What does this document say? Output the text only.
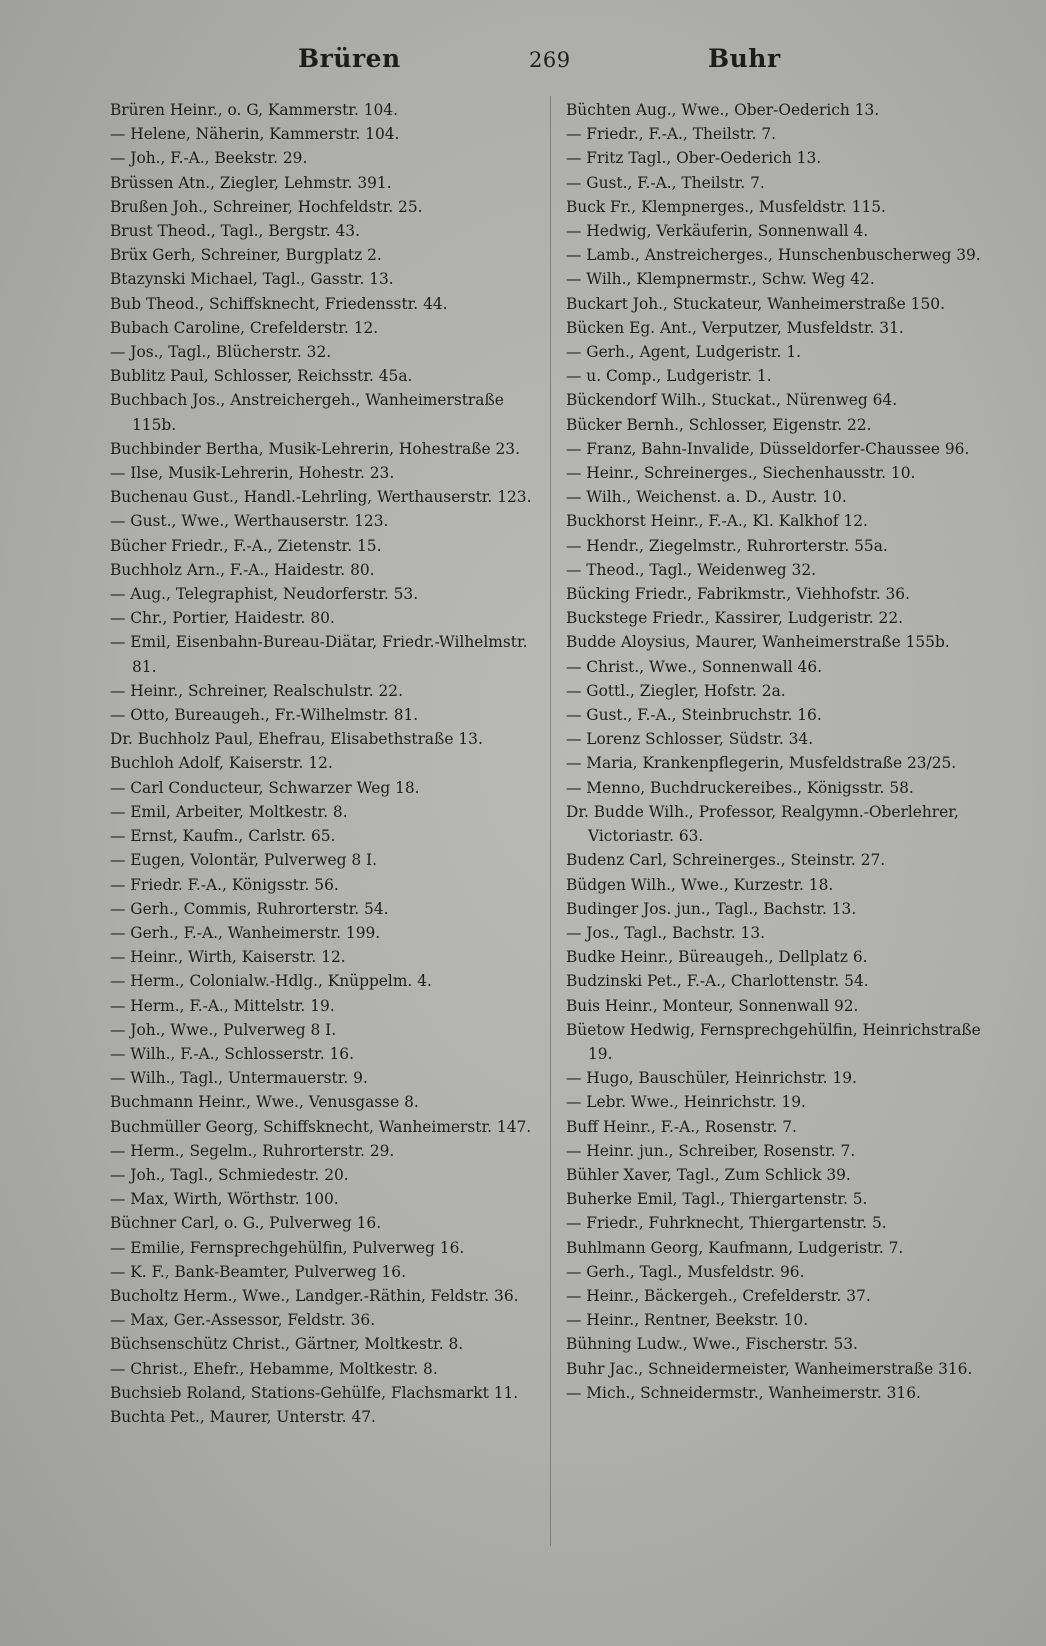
Brüren	269	Buhr
Brüren Heinr., o. G, Kammerstr. 104.
— Helene, Näherin, Kammerstr. 104.
— Joh., F.-A., Beekstr. 29.
Brüssen Atn., Ziegler, Lehmstr. 391.
Brußen Joh., Schreiner, Hochfeldstr. 25.
Brust Theod., Tagl., Bergstr. 43.
Brüx Gerh, Schreiner, Burgplatz 2.
Btazynski Michael, Tagl., Gasstr. 13.
Bub Theod., Schiffsknecht, Friedensstr. 44.
Bubach Caroline, Crefelderstr. 12.
— Jos., Tagl., Blücherstr. 32.
Bublitz Paul, Schlosser, Reichsstr. 45a.
Buchbach Jos., Anstreichergeh., Wanheimerstraße 115b.
Buchbinder Bertha, Musik-Lehrerin, Hohestraße 23.
— Ilse, Musik-Lehrerin, Hohestr. 23.
Buchenau Gust., Handl.-Lehrling, Werthauserstr. 123.
— Gust., Wwe., Werthauserstr. 123.
Bücher Friedr., F.-A., Zietenstr. 15.
Buchholz Arn., F.-A., Haidestr. 80.
— Aug., Telegraphist, Neudorferstr. 53.
— Chr., Portier, Haidestr. 80.
— Emil, Eisenbahn-Bureau-Diätar, Friedr.-Wilhelmstr. 81.
— Heinr., Schreiner, Realschulstr. 22.
— Otto, Bureaugeh., Fr.-Wilhelmstr. 81.
Dr. Buchholz Paul, Ehefrau, Elisabethstraße 13.
Buchloh Adolf, Kaiserstr. 12.
— Carl Conducteur, Schwarzer Weg 18.
— Emil, Arbeiter, Moltkestr. 8.
— Ernst, Kaufm., Carlstr. 65.
— Eugen, Volontär, Pulverweg 8 I.
— Friedr. F.-A., Königsstr. 56.
— Gerh., Commis, Ruhrorterstr. 54.
— Gerh., F.-A., Wanheimerstr. 199.
— Heinr., Wirth, Kaiserstr. 12.
— Herm., Colonialw.-Hdlg., Knüppelm. 4.
— Herm., F.-A., Mittelstr. 19.
— Joh., Wwe., Pulverweg 8 I.
— Wilh., F.-A., Schlosserstr. 16.
— Wilh., Tagl., Untermauerstr. 9.
Buchmann Heinr., Wwe., Venusgasse 8.
Buchmüller Georg, Schiffsknecht, Wanheimerstr. 147.
— Herm., Segelm., Ruhrorterstr. 29.
— Joh., Tagl., Schmiedestr. 20.
— Max, Wirth, Wörthstr. 100.
Büchner Carl, o. G., Pulverweg 16.
— Emilie, Fernsprechgehülfin, Pulverweg 16.
— K. F., Bank-Beamter, Pulverweg 16.
Bucholtz Herm., Wwe., Landger.-Räthin, Feldstr. 36.
— Max, Ger.-Assessor, Feldstr. 36.
Büchsenschütz Christ., Gärtner, Moltkestr. 8.
— Christ., Ehefr., Hebamme, Moltkestr. 8.
Buchsieb Roland, Stations-Gehülfe, Flachsmarkt 11.
Buchta Pet., Maurer, Unterstr. 47.
Büchten Aug., Wwe., Ober-Oederich 13.
— Friedr., F.-A., Theilstr. 7.
— Fritz Tagl., Ober-Oederich 13.
— Gust., F.-A., Theilstr. 7.
Buck Fr., Klempnerges., Musfeldstr. 115.
— Hedwig, Verkäuferin, Sonnenwall 4.
— Lamb., Anstreicherges., Hunschenbuscherweg 39.
— Wilh., Klempnermstr., Schw. Weg 42.
Buckart Joh., Stuckateur, Wanheimerstraße 150.
Bücken Eg. Ant., Verputzer, Musfeldstr. 31.
— Gerh., Agent, Ludgeristr. 1.
— u. Comp., Ludgeristr. 1.
Bückendorf Wilh., Stuckat., Nürenweg 64.
Bücker Bernh., Schlosser, Eigenstr. 22.
— Franz, Bahn-Invalide, Düsseldorfer-Chaussee 96.
— Heinr., Schreinerges., Siechenhausstr. 10.
— Wilh., Weichenst. a. D., Austr. 10.
Buckhorst Heinr., F.-A., Kl. Kalkhof 12.
— Hendr., Ziegelmstr., Ruhrorterstr. 55a.
— Theod., Tagl., Weidenweg 32.
Bücking Friedr., Fabrikmstr., Viehhofstr. 36.
Buckstege Friedr., Kassirer, Ludgeristr. 22.
Budde Aloysius, Maurer, Wanheimerstraße 155b.
— Christ., Wwe., Sonnenwall 46.
— Gottl., Ziegler, Hofstr. 2a.
— Gust., F.-A., Steinbruchstr. 16.
— Lorenz Schlosser, Südstr. 34.
— Maria, Krankenpflegerin, Musfeldstraße 23/25.
— Menno, Buchdruckereibes., Königsstr. 58.
Dr. Budde Wilh., Professor, Realgymn.-Oberlehrer, Victoriastr. 63.
Budenz Carl, Schreinerges., Steinstr. 27.
Büdgen Wilh., Wwe., Kurzestr. 18.
Budinger Jos. jun., Tagl., Bachstr. 13.
— Jos., Tagl., Bachstr. 13.
Budke Heinr., Büreaugeh., Dellplatz 6.
Budzinski Pet., F.-A., Charlottenstr. 54.
Buis Heinr., Monteur, Sonnenwall 92.
Büetow Hedwig, Fernsprechgehülfin, Heinrichstraße 19.
— Hugo, Bauschüler, Heinrichstr. 19.
— Lebr. Wwe., Heinrichstr. 19.
Buff Heinr., F.-A., Rosenstr. 7.
— Heinr. jun., Schreiber, Rosenstr. 7.
Bühler Xaver, Tagl., Zum Schlick 39.
Buherke Emil, Tagl., Thiergartenstr. 5.
— Friedr., Fuhrknecht, Thiergartenstr. 5.
Buhlmann Georg, Kaufmann, Ludgeristr. 7.
— Gerh., Tagl., Musfeldstr. 96.
— Heinr., Bäckergeh., Crefelderstr. 37.
— Heinr., Rentner, Beekstr. 10.
Bühning Ludw., Wwe., Fischerstr. 53.
Buhr Jac., Schneidermeister, Wanheimerstraße 316.
— Mich., Schneidermstr., Wanheimerstr. 316.
